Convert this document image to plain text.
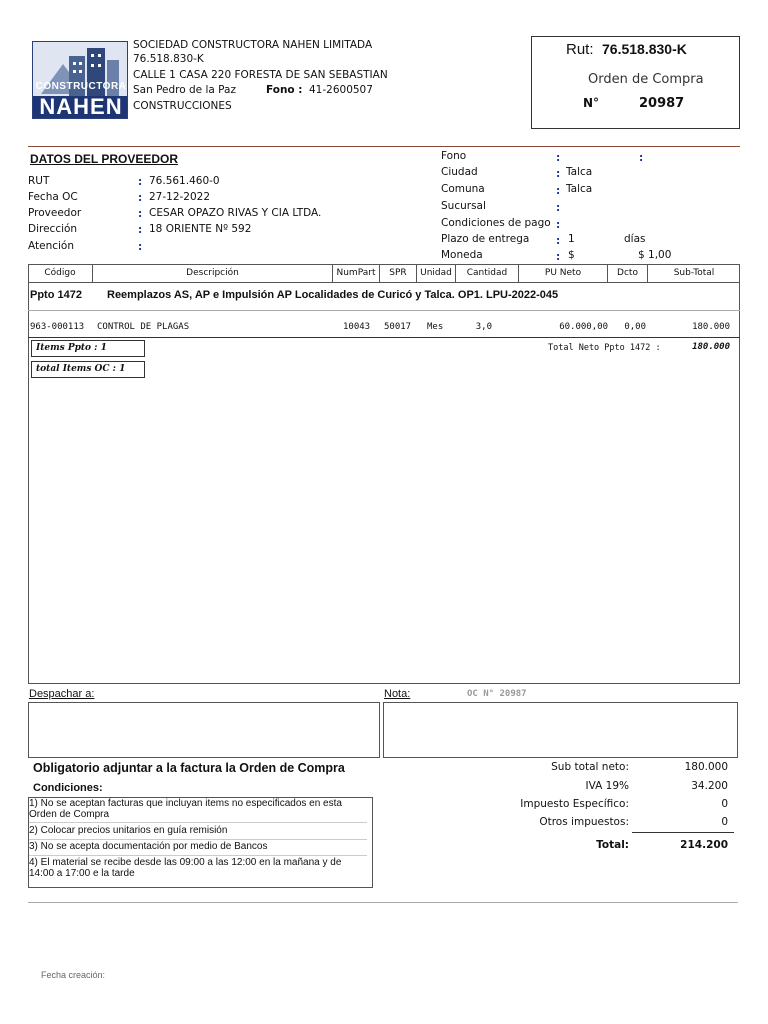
CONSTRUCTORA
NAHEN
SOCIEDAD CONSTRUCTORA NAHEN LIMITADA
76.518.830-K
CALLE 1 CASA 220 FORESTA DE SAN SEBASTIAN
San Pedro de la Paz	Fono : 41-2600507
CONSTRUCCIONES
Rut: 76.518.830-K
Orden de Compra
N°	20987
DATOS DEL PROVEEDOR
RUT	: 76.561.460-0
Fecha OC	: 27-12-2022
Proveedor	: CESAR OPAZO RIVAS Y CIA LTDA.
Dirección	: 18 ORIENTE Nº 592
Atención	:
Fono	:	:
Ciudad	: Talca
Comuna	: Talca
Sucursal	:
Condiciones de pago :
Plazo de entrega	: 1	días
Moneda	: $	$ 1,00
Código	Descripción	NumPart	SPR	Unidad	Cantidad	PU Neto	Dcto	Sub-Total
Ppto 1472 Reemplazos AS, AP e Impulsión AP Localidades de Curicó y Talca. OP1. LPU-2022-045
963-000113 CONTROL DE PLAGAS	10043 50017 Mes	3,0	60.000,00	0,00	180.000
Items Ppto : 1	Total Neto Ppto 1472 :	180.000
total Items OC : 1
Despachar a:	Nota:	OC N° 20987
Obligatorio adjuntar a la factura la Orden de Compra
Condiciones:
1) No se aceptan facturas que incluyan items no especificados en esta Orden de Compra
2) Colocar precios unitarios en guía remisión
3) No se acepta documentación por medio de Bancos
4) El material se recibe desde las 09:00 a las 12:00 en la mañana y de 14:00 a 17:00 e la tarde
Sub total neto:	180.000
IVA 19%	34.200
Impuesto Específico:	0
Otros impuestos:	0
Total:	214.200
Fecha creación:
